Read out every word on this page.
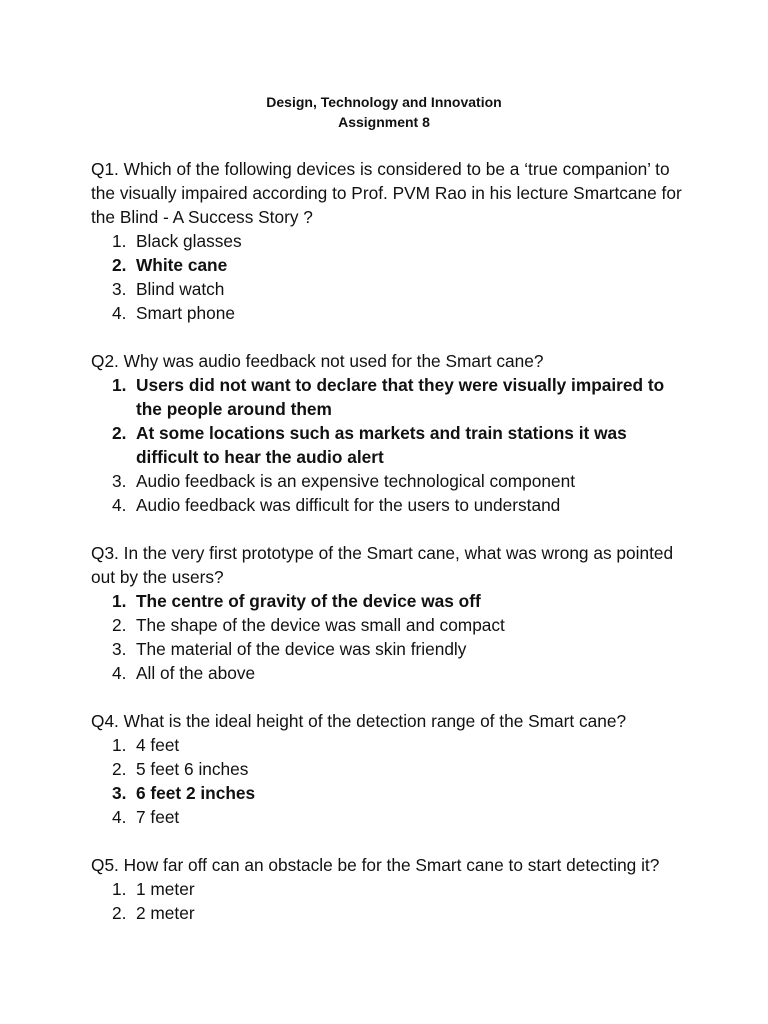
Design, Technology and Innovation
Assignment 8

Q1. Which of the following devices is considered to be a ‘true companion’ to the visually impaired according to Prof. PVM Rao in his lecture Smartcane for the Blind - A Success Story ?

1. Black glasses
2. White cane
3. Blind watch
4. Smart phone

Q2. Why was audio feedback not used for the Smart cane?

1. Users did not want to declare that they were visually impaired to the people around them
2. At some locations such as markets and train stations it was difficult to hear the audio alert
3. Audio feedback is an expensive technological component
4. Audio feedback was difficult for the users to understand

Q3. In the very first prototype of the Smart cane, what was wrong as pointed out by the users?

1. The centre of gravity of the device was off
2. The shape of the device was small and compact
3. The material of the device was skin friendly
4. All of the above

Q4. What is the ideal height of the detection range of the Smart cane?

1. 4 feet
2. 5 feet 6 inches
3. 6 feet 2 inches
4. 7 feet

Q5. How far off can an obstacle be for the Smart cane to start detecting it?

1. 1 meter
2. 2 meter
